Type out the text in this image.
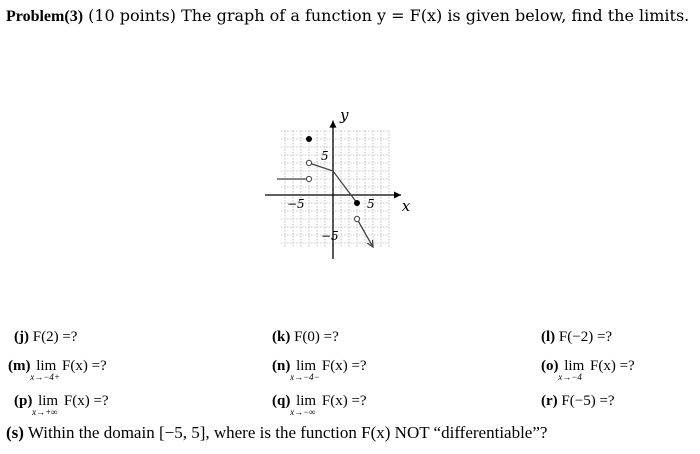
Problem(3) (10 points) The graph of a function y = F(x) is given below, find the limits.
x
y
−5	5
5
−5
(j) F(2) =?	(k) F(0) =?	(l) F(−2) =?
(m) lim
x→−4+
F(x) =?	(n) lim
x→−4−
F(x) =?	(o) lim
x→−4
F(x) =?
(p) lim
x→+∞
F(x) =?	(q) lim
x→−∞
F(x) =?	(r) F(−5) =?
(s) Within the domain [−5, 5], where is the function F(x) NOT “differentiable”?
